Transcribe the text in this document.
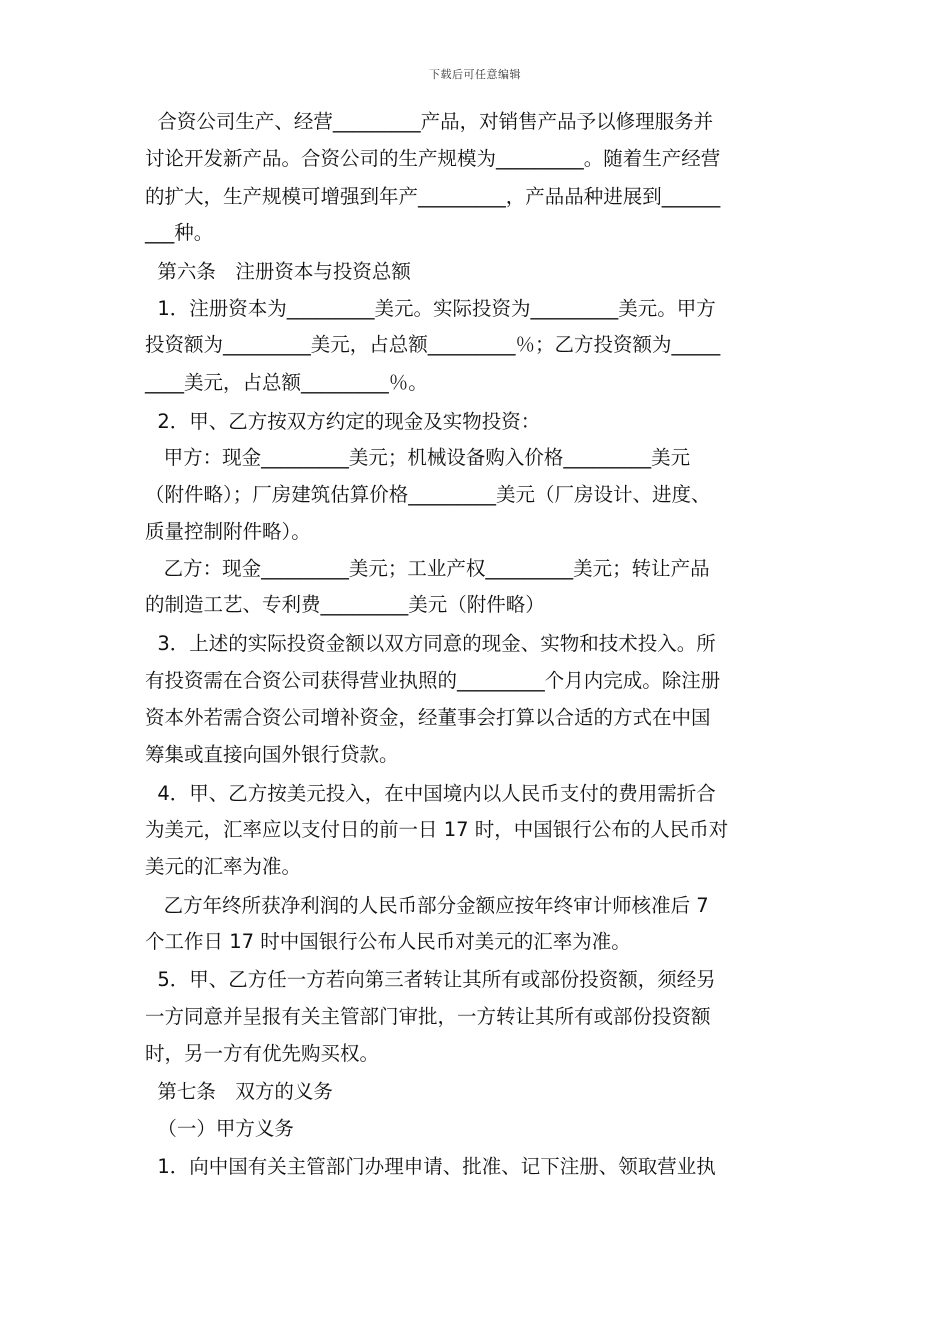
下载后可任意编辑
合资公司生产、经营_________产品，对销售产品予以修理服务并
讨论开发新产品。合资公司的生产规模为_________。随着生产经营
的扩大，生产规模可增强到年产_________，产品品种进展到______
___种。
第六条　注册资本与投资总额
1．注册资本为_________美元。实际投资为_________美元。甲方
投资额为_________美元，占总额_________％；乙方投资额为_____
____美元，占总额_________％。
2．甲、乙方按双方约定的现金及实物投资：
甲方：现金_________美元；机械设备购入价格_________美元
（附件略）；厂房建筑估算价格_________美元（厂房设计、进度、
质量控制附件略）。
乙方：现金_________美元；工业产权_________美元；转让产品
的制造工艺、专利费_________美元（附件略）
3．上述的实际投资金额以双方同意的现金、实物和技术投入。所
有投资需在合资公司获得营业执照的_________个月内完成。除注册
资本外若需合资公司增补资金，经董事会打算以合适的方式在中国
筹集或直接向国外银行贷款。
4．甲、乙方按美元投入，在中国境内以人民币支付的费用需折合
为美元，汇率应以支付日的前一日 17 时，中国银行公布的人民币对
美元的汇率为准。
乙方年终所获净利润的人民币部分金额应按年终审计师核准后 7
个工作日 17 时中国银行公布人民币对美元的汇率为准。
5．甲、乙方任一方若向第三者转让其所有或部份投资额，须经另
一方同意并呈报有关主管部门审批，一方转让其所有或部份投资额
时，另一方有优先购买权。
第七条　双方的义务
（一）甲方义务
1．向中国有关主管部门办理申请、批准、记下注册、领取营业执
